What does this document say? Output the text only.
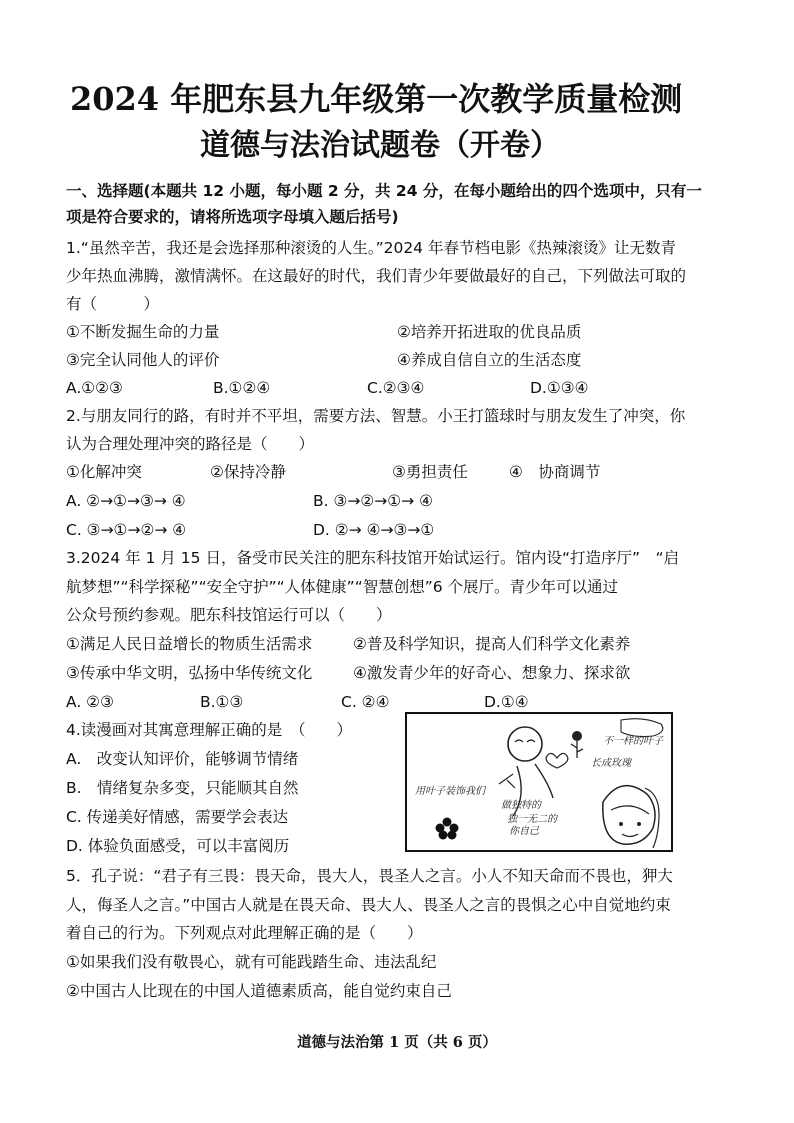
2024 年肥东县九年级第一次教学质量检测
道德与法治试题卷（开卷）
一、选择题(本题共 12 小题，每小题 2 分，共 24 分，在每小题给出的四个选项中，只有一
项是符合要求的，请将所选项字母填入题后括号)
1.“虽然辛苦，我还是会选择那种滚烫的人生。”2024 年春节档电影《热辣滚烫》让无数青
少年热血沸腾，激情满怀。在这最好的时代，我们青少年要做最好的自己，下列做法可取的
有（　　　）
①不断发掘生命的力量	②培养开拓进取的优良品质
③完全认同他人的评价	④养成自信自立的生活态度
A.①②③	B.①②④	C.②③④	D.①③④
2.与朋友同行的路，有时并不平坦，需要方法、智慧。小王打篮球时与朋友发生了冲突，你
认为合理处理冲突的路径是（　　）
①化解冲突	②保持冷静	③勇担责任	④　协商调节
A. ②→①→③→ ④	B. ③→②→①→ ④
C. ③→①→②→ ④	D. ②→ ④→③→①
3.2024 年 1 月 15 日，备受市民关注的肥东科技馆开始试运行。馆内设“打造序厅”　“启
航梦想”“科学探秘”“安全守护”“人体健康”“智慧创想”6 个展厅。青少年可以通过
公众号预约参观。肥东科技馆运行可以（　　）
①满足人民日益增长的物质生活需求	②普及科学知识，提高人们科学文化素养
③传承中华文明，弘扬中华传统文化	④激发青少年的好奇心、想象力、探求欲
A. ②③	B.①③	C. ②④	D.①④
4.读漫画对其寓意理解正确的是　（　　）
A.　改变认知评价，能够调节情绪
B.　情绪复杂多变，只能顺其自然
C. 传递美好情感，需要学会表达
D. 体验负面感受，可以丰富阅历
不一样的叶子
长成玫瑰
用叶子装饰我们
做独特的
独一无二的
你自己
5．孔子说：“君子有三畏：畏天命，畏大人，畏圣人之言。小人不知天命而不畏也，狎大
人，侮圣人之言。”中国古人就是在畏天命、畏大人、畏圣人之言的畏惧之心中自觉地约束
着自己的行为。下列观点对此理解正确的是（　　）
①如果我们没有敬畏心，就有可能践踏生命、违法乱纪
②中国古人比现在的中国人道德素质高，能自觉约束自己
道德与法治第 1 页（共 6 页）
